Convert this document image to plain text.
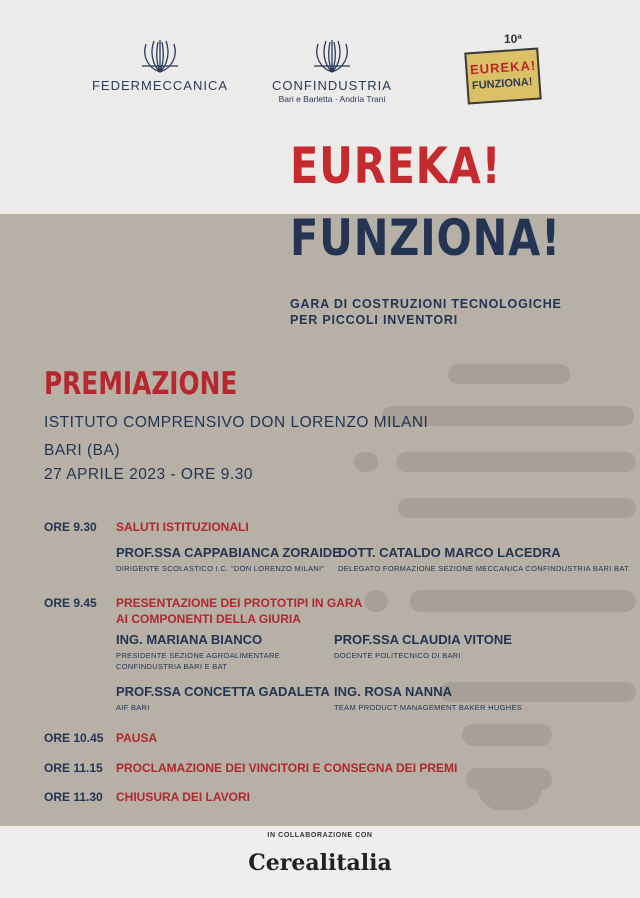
FEDERMECCANICA	CONFINDUSTRIA
Bari e Barletta · Andria Trani
10ª
EUREKA!
FUNZIONA!
EUREKA!
FUNZIONA!
GARA DI COSTRUZIONI TECNOLOGICHE
PER PICCOLI INVENTORI
PREMIAZIONE
ISTITUTO COMPRENSIVO DON LORENZO MILANI
BARI (BA)
27 APRILE 2023 - ORE 9.30
ORE 9.30 SALUTI ISTITUZIONALI
PROF.SSA CAPPABIANCA ZORAIDE
DIRIGENTE SCOLASTICO I.C. "DON LORENZO MILANI"
DOTT. CATALDO MARCO LACEDRA
DELEGATO FORMAZIONE SEZIONE MECCANICA CONFINDUSTRIA BARI BAT
ORE 9.45 PRESENTAZIONE DEI PROTOTIPI IN GARA
AI COMPONENTI DELLA GIURIA
ING. MARIANA BIANCO
PRESIDENTE SEZIONE AGROALIMENTARE
CONFINDUSTRIA BARI E BAT
PROF.SSA CLAUDIA VITONE
DOCENTE POLITECNICO DI BARI
PROF.SSA CONCETTA GADALETA
AIF BARI
ING. ROSA NANNA
TEAM PRODUCT MANAGEMENT BAKER HUGHES
ORE 10.45 PAUSA
ORE 11.15 PROCLAMAZIONE DEI VINCITORI E CONSEGNA DEI PREMI
ORE 11.30 CHIUSURA DEI LAVORI
IN COLLABORAZIONE CON
Cerealitalia
